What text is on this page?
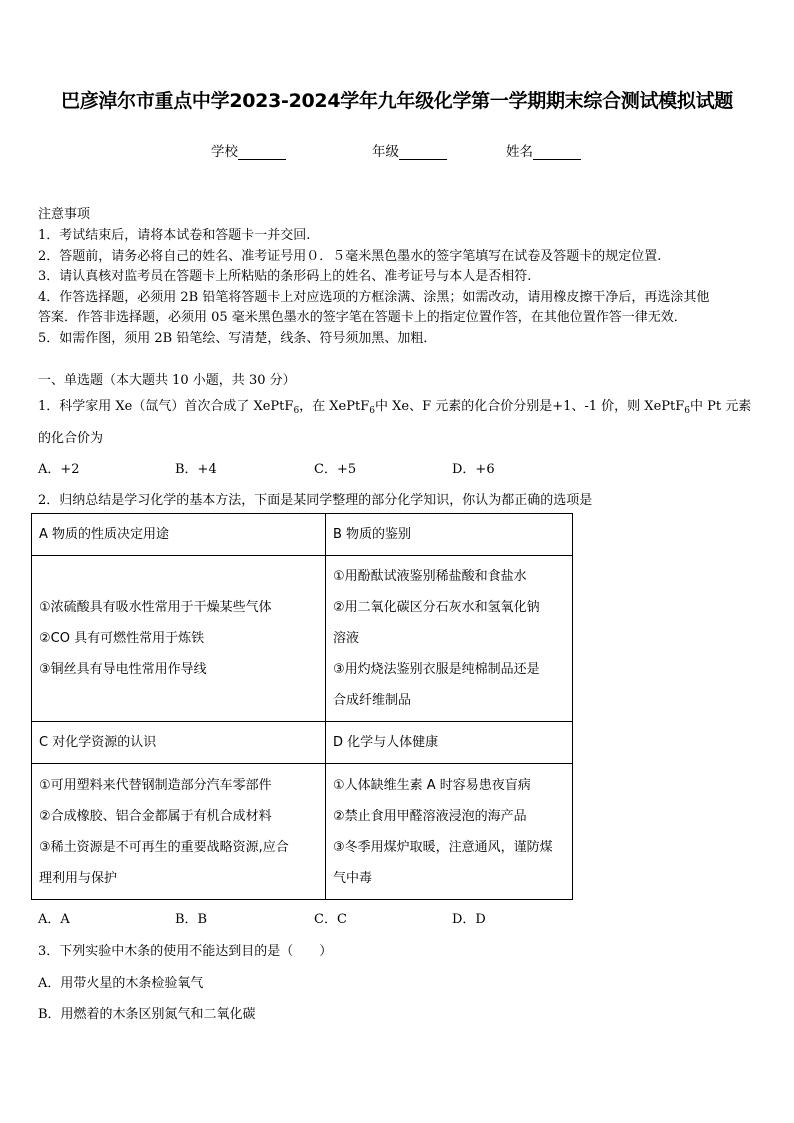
巴彦淖尔市重点中学2023-2024学年九年级化学第一学期期末综合测试模拟试题
学校	年级	姓名
注意事项
1．考试结束后，请将本试卷和答题卡一并交回.
2．答题前，请务必将自己的姓名、准考证号用０．５毫米黑色墨水的签字笔填写在试卷及答题卡的规定位置.
3．请认真核对监考员在答题卡上所粘贴的条形码上的姓名、准考证号与本人是否相符.
4．作答选择题，必须用 2B 铅笔将答题卡上对应选项的方框涂满、涂黑；如需改动，请用橡皮擦干净后，再选涂其他
答案．作答非选择题，必须用 05 毫米黑色墨水的签字笔在答题卡上的指定位置作答，在其他位置作答一律无效．
5．如需作图，须用 2B 铅笔绘、写清楚，线条、符号须加黑、加粗．
一、单选题（本大题共 10 小题，共 30 分）
1．科学家用 Xe（氙气）首次合成了 XePtF$_6$，在 XePtF$_6$中 Xe、F 元素的化合价分别是+1、-1 价，则 XePtF$_6$中 Pt 元素
的化合价为
A．+2	B．+4	C．+5	D．+6
2．归纳总结是学习化学的基本方法，下面是某同学整理的部分化学知识，你认为都正确的选项是
A 物质的性质决定用途	B 物质的鉴别

①浓硫酸具有吸水性常用于干燥某些气体
②CO 具有可燃性常用于炼铁
③铜丝具有导电性常用作导线	①用酚酞试液鉴别稀盐酸和食盐水
②用二氧化碳区分石灰水和氢氧化钠
溶液
③用灼烧法鉴别衣服是纯棉制品还是
合成纤维制品

C 对化学资源的认识	D 化学与人体健康

①可用塑料来代替钢制造部分汽车零部件
②合成橡胶、铝合金都属于有机合成材料
③稀土资源是不可再生的重要战略资源,应合
理利用与保护	①人体缺维生素 A 时容易患夜盲病
②禁止食用甲醛溶液浸泡的海产品
③冬季用煤炉取暖，注意通风，谨防煤
气中毒
A．A	B．B	C．C	D．D
3．下列实验中木条的使用不能达到目的是（　　）
A．用带火星的木条检验氧气
B．用燃着的木条区别氮气和二氧化碳
